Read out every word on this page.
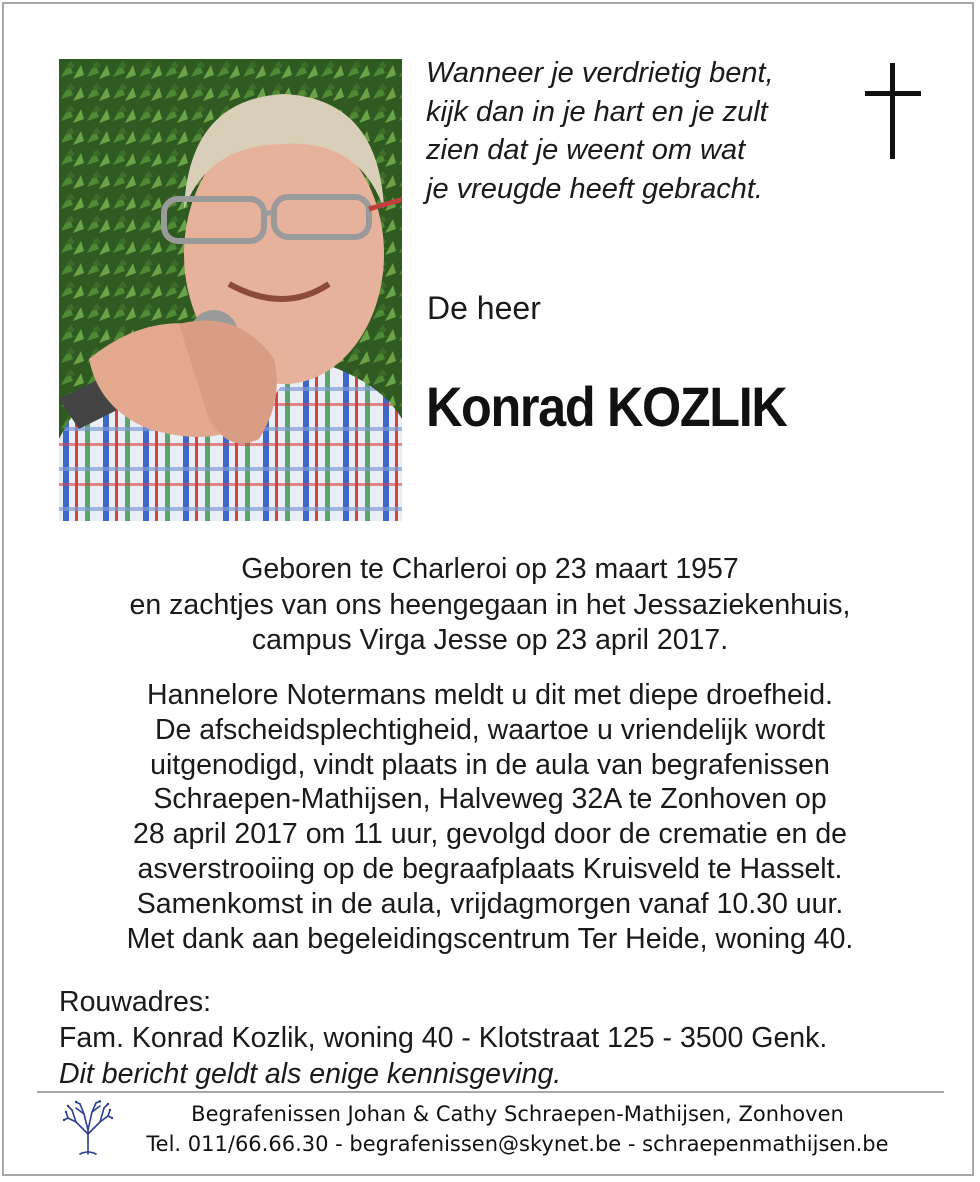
Wanneer je verdrietig bent,
kijk dan in je hart en je zult
zien dat je weent om wat
je vreugde heeft gebracht.
De heer
Konrad KOZLIK
Geboren te Charleroi op 23 maart 1957
en zachtjes van ons heengegaan in het Jessaziekenhuis,
campus Virga Jesse op 23 april 2017.
Hannelore Notermans meldt u dit met diepe droefheid.
De afscheidsplechtigheid, waartoe u vriendelijk wordt
uitgenodigd, vindt plaats in de aula van begrafenissen
Schraepen-Mathijsen, Halveweg 32A te Zonhoven op
28 april 2017 om 11 uur, gevolgd door de crematie en de
asverstrooiing op de begraafplaats Kruisveld te Hasselt.
Samenkomst in de aula, vrijdagmorgen vanaf 10.30 uur.
Met dank aan begeleidingscentrum Ter Heide, woning 40.
Rouwadres:
Fam. Konrad Kozlik, woning 40 - Klotstraat 125 - 3500 Genk.
Dit bericht geldt als enige kennisgeving.
Begrafenissen Johan & Cathy Schraepen-Mathijsen, Zonhoven
Tel. 011/66.66.30 - begrafenissen@skynet.be - schraepenmathijsen.be
